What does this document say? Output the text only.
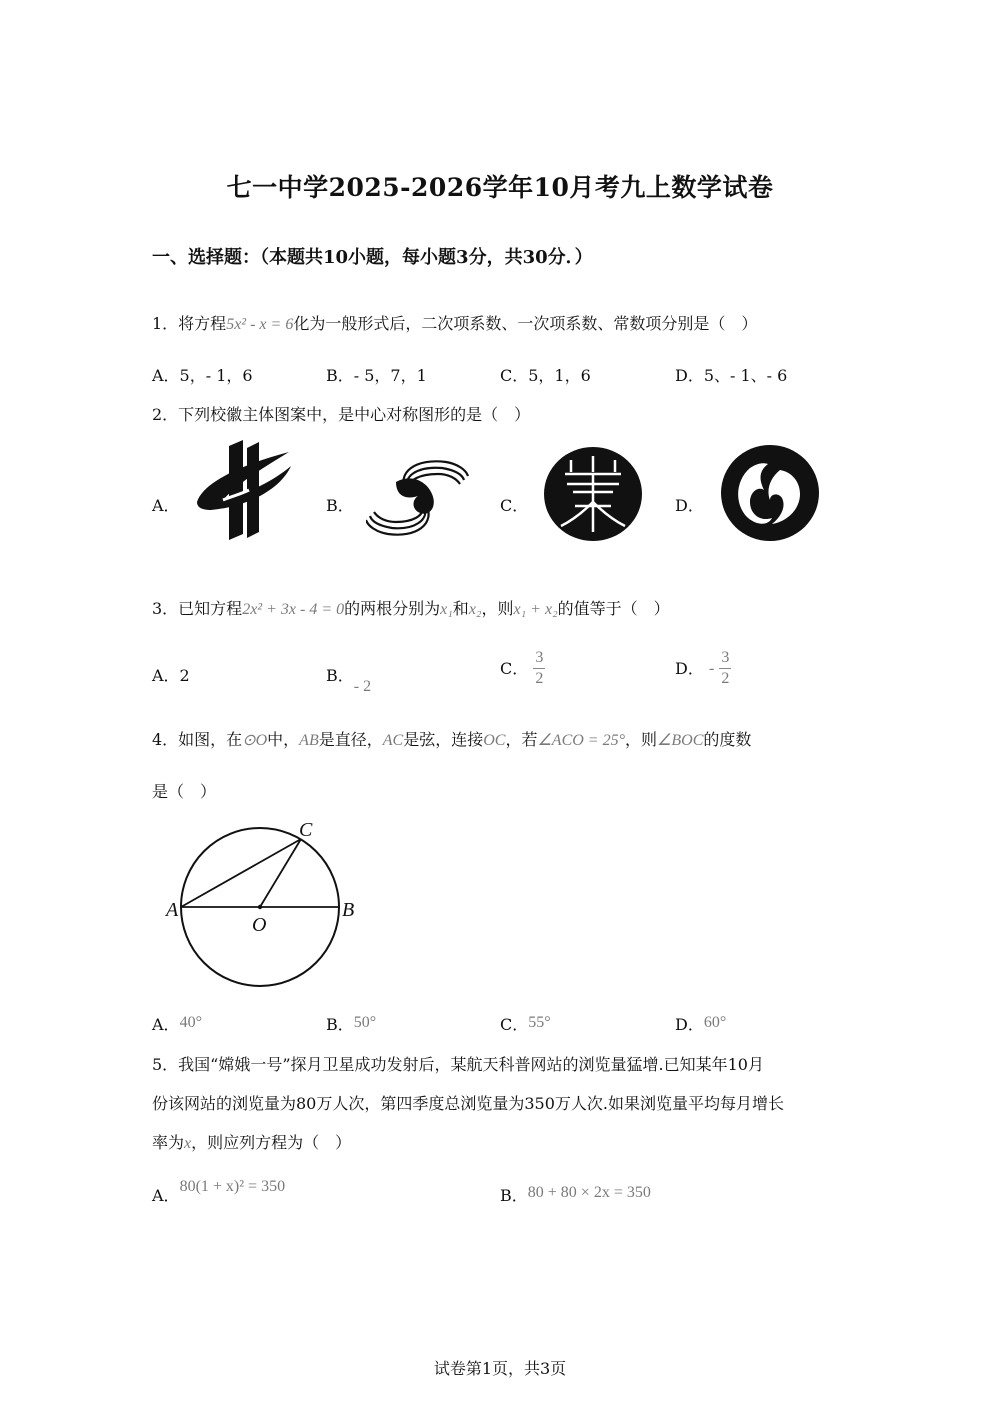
七一中学2025-2026学年10月考九上数学试卷
一、选择题：（本题共10小题，每小题3分，共30分．）
1．将方程5x² - x = 6化为一般形式后，二次项系数、一次项系数、常数项分别是（　）
A．5，- 1，6	B．- 5，7，1	C．5，1，6	D．5、- 1、- 6
2．下列校徽主体图案中，是中心对称图形的是（　）
A．	B．	C．	D．
3．已知方程2x² + 3x - 4 = 0的两根分别为x₁和x₂，则x₁ + x₂的值等于（　）
A．2	B．- 2
C． $\frac{3}{2}$	D． - $\frac{3}{2}$
4．如图，在⊙O中，AB是直径，AC是弦，连接OC，若∠ACO = 25°，则∠BOC的度数
是（　）
A	B
C
O
A．40°	B．50°	C．55°	D．60°
5．我国“嫦娥一号”探月卫星成功发射后，某航天科普网站的浏览量猛增.已知某年10月
份该网站的浏览量为80万人次，第四季度总浏览量为350万人次.如果浏览量平均每月增长
率为x，则应列方程为（　）
A．80(1 + x)² = 350	B．80 + 80 × 2x = 350
试卷第1页，共3页
